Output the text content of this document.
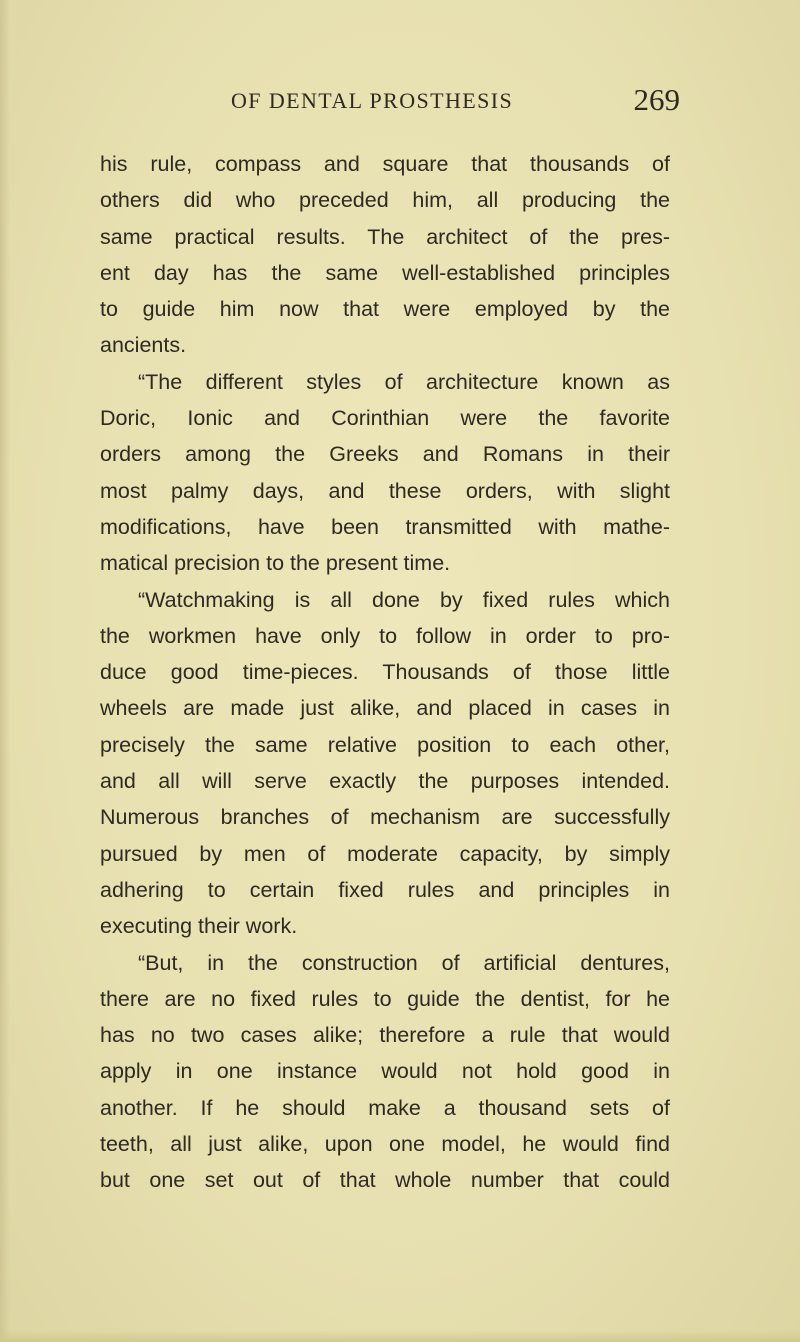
OF DENTAL PROSTHESIS	269
his rule, compass and square that thousands of
others did who preceded him, all producing the
same practical results. The architect of the pres-
ent day has the same well-established principles
to guide him now that were employed by the
ancients.
“The different styles of architecture known as
Doric, Ionic and Corinthian were the favorite
orders among the Greeks and Romans in their
most palmy days, and these orders, with slight
modifications, have been transmitted with mathe-
matical precision to the present time.
“Watchmaking is all done by fixed rules which
the workmen have only to follow in order to pro-
duce good time-pieces. Thousands of those little
wheels are made just alike, and placed in cases in
precisely the same relative position to each other,
and all will serve exactly the purposes intended.
Numerous branches of mechanism are successfully
pursued by men of moderate capacity, by simply
adhering to certain fixed rules and principles in
executing their work.
“But, in the construction of artificial dentures,
there are no fixed rules to guide the dentist, for he
has no two cases alike; therefore a rule that would
apply in one instance would not hold good in
another. If he should make a thousand sets of
teeth, all just alike, upon one model, he would find
but one set out of that whole number that could
